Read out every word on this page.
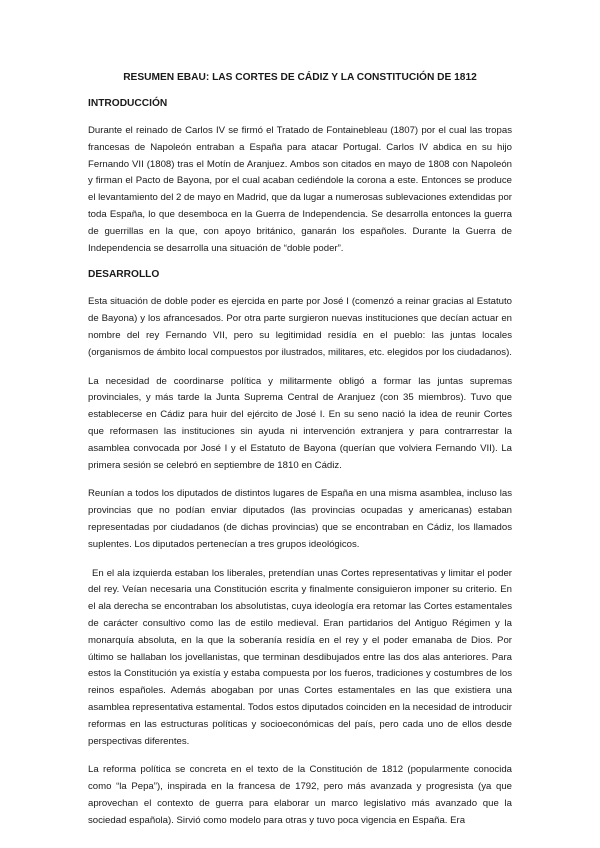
RESUMEN EBAU: LAS CORTES DE CÁDIZ Y LA CONSTITUCIÓN DE 1812
INTRODUCCIÓN

Durante el reinado de Carlos IV se firmó el Tratado de Fontainebleau (1807) por el cual las tropas francesas de Napoleón entraban a España para atacar Portugal. Carlos IV abdica en su hijo Fernando VII (1808) tras el Motín de Aranjuez. Ambos son citados en mayo de 1808 con Napoleón y firman el Pacto de Bayona, por el cual acaban cediéndole la corona a este. Entonces se produce el levantamiento del 2 de mayo en Madrid, que da lugar a numerosas sublevaciones extendidas por toda España, lo que desemboca en la Guerra de Independencia. Se desarrolla entonces la guerra de guerrillas en la que, con apoyo británico, ganarán los españoles. Durante la Guerra de Independencia se desarrolla una situación de “doble poder”.

DESARROLLO

Esta situación de doble poder es ejercida en parte por José I (comenzó a reinar gracias al Estatuto de Bayona) y los afrancesados. Por otra parte surgieron nuevas instituciones que decían actuar en nombre del rey Fernando VII, pero su legitimidad residía en el pueblo: las juntas locales (organismos de ámbito local compuestos por ilustrados, militares, etc. elegidos por los ciudadanos).

La necesidad de coordinarse política y militarmente obligó a formar las juntas supremas provinciales, y más tarde la Junta Suprema Central de Aranjuez (con 35 miembros). Tuvo que establecerse en Cádiz para huir del ejército de José I. En su seno nació la idea de reunir Cortes que reformasen las instituciones sin ayuda ni intervención extranjera y para contrarrestar la asamblea convocada por José I y el Estatuto de Bayona (querían que volviera Fernando VII). La primera sesión se celebró en septiembre de 1810 en Cádiz.

Reunían a todos los diputados de distintos lugares de España en una misma asamblea, incluso las provincias que no podían enviar diputados (las provincias ocupadas y americanas) estaban representadas por ciudadanos (de dichas provincias) que se encontraban en Cádiz, los llamados suplentes. Los diputados pertenecían a tres grupos ideológicos.

En el ala izquierda estaban los liberales, pretendían unas Cortes representativas y limitar el poder del rey. Veían necesaria una Constitución escrita y finalmente consiguieron imponer su criterio. En el ala derecha se encontraban los absolutistas, cuya ideología era retomar las Cortes estamentales de carácter consultivo como las de estilo medieval. Eran partidarios del Antiguo Régimen y la monarquía absoluta, en la que la soberanía residía en el rey y el poder emanaba de Dios. Por último se hallaban los jovellanistas, que terminan desdibujados entre las dos alas anteriores. Para estos la Constitución ya existía y estaba compuesta por los fueros, tradiciones y costumbres de los reinos españoles. Además abogaban por unas Cortes estamentales en las que existiera una asamblea representativa estamental. Todos estos diputados coinciden en la necesidad de introducir reformas en las estructuras políticas y socioeconómicas del país, pero cada uno de ellos desde perspectivas diferentes.

La reforma política se concreta en el texto de la Constitución de 1812 (popularmente conocida como “la Pepa”), inspirada en la francesa de 1792, pero más avanzada y progresista (ya que aprovechan el contexto de guerra para elaborar un marco legislativo más avanzado que la sociedad española). Sirvió como modelo para otras y tuvo poca vigencia en España. Era
